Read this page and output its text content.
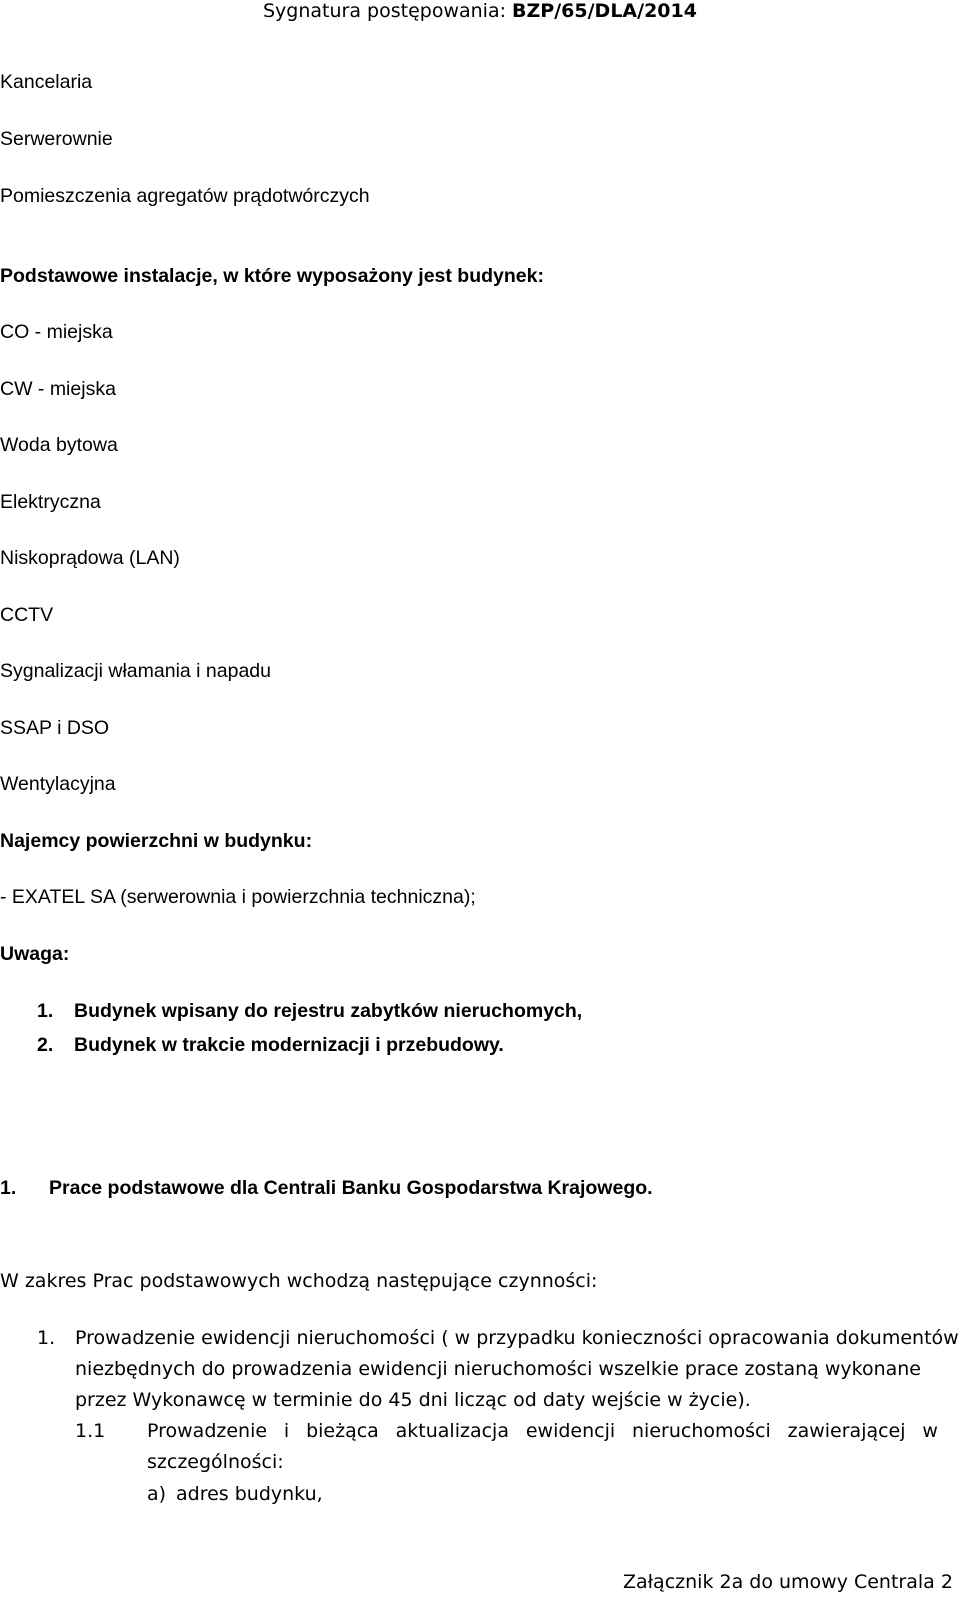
Sygnatura postępowania: BZP/65/DLA/2014
Kancelaria
Serwerownie
Pomieszczenia agregatów prądotwórczych
Podstawowe instalacje, w które wyposażony jest budynek:
CO - miejska
CW - miejska
Woda bytowa
Elektryczna
Niskoprądowa (LAN)
CCTV
Sygnalizacji włamania i napadu
SSAP i DSO
Wentylacyjna
Najemcy powierzchni w budynku:
- EXATEL SA (serwerownia i powierzchnia techniczna);
Uwaga:
1. Budynek wpisany do rejestru zabytków nieruchomych,
2. Budynek w trakcie modernizacji i przebudowy.
1. Prace podstawowe dla Centrali Banku Gospodarstwa Krajowego.
W zakres Prac podstawowych wchodzą następujące czynności:
1. Prowadzenie ewidencji nieruchomości ( w przypadku konieczności opracowania dokumentów
niezbędnych do prowadzenia ewidencji nieruchomości wszelkie prace zostaną wykonane
przez Wykonawcę w terminie do 45 dni licząc od daty wejście w życie).
1.1 Prowadzenie i bieżąca aktualizacja ewidencji nieruchomości zawierającej w
szczególności:
a) adres budynku,
Załącznik 2a do umowy Centrala 2
